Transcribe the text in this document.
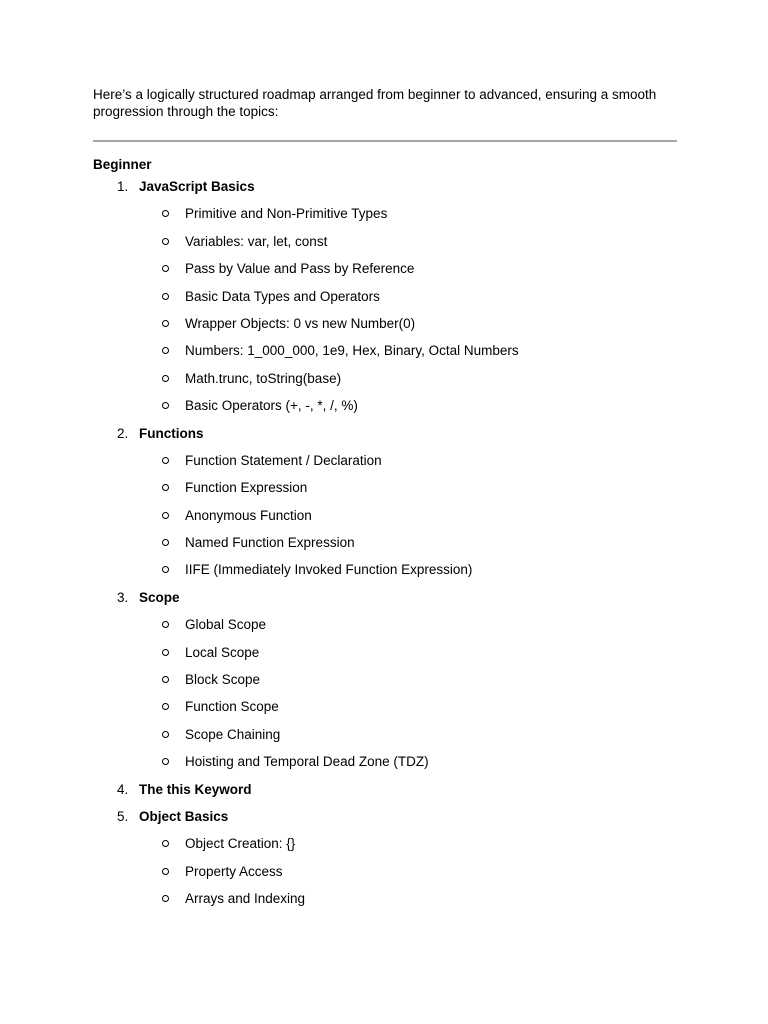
Here’s a logically structured roadmap arranged from beginner to advanced, ensuring a smooth progression through the topics:

Beginner
1. JavaScript Basics
Primitive and Non-Primitive Types
Variables: var, let, const
Pass by Value and Pass by Reference
Basic Data Types and Operators
Wrapper Objects: 0 vs new Number(0)
Numbers: 1_000_000, 1e9, Hex, Binary, Octal Numbers
Math.trunc, toString(base)
Basic Operators (+, -, *, /, %)
2. Functions
Function Statement / Declaration
Function Expression
Anonymous Function
Named Function Expression
IIFE (Immediately Invoked Function Expression)
3. Scope
Global Scope
Local Scope
Block Scope
Function Scope
Scope Chaining
Hoisting and Temporal Dead Zone (TDZ)
4. The this Keyword
5. Object Basics
Object Creation: {}
Property Access
Arrays and Indexing
